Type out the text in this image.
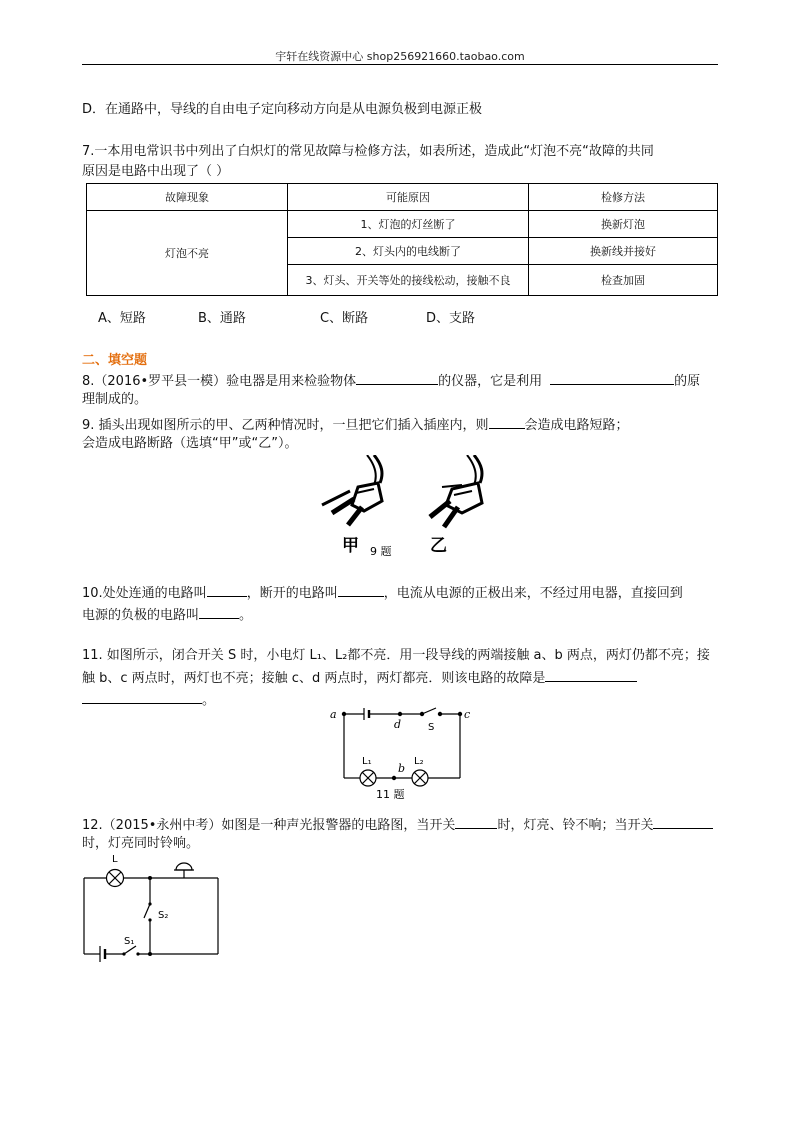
宇轩在线资源中心 shop256921660.taobao.com
D．在通路中，导线的自由电子定向移动方向是从电源负极到电源正极
7.一本用电常识书中列出了白炽灯的常见故障与检修方法，如表所述，造成此“灯泡不亮“故障的共同
原因是电路中出现了（ ）
故障现象	可能原因	检修方法
灯泡不亮	1、灯泡的灯丝断了	换新灯泡
	2、灯头内的电线断了	换新线并接好
	3、灯头、开关等处的接线松动，接触不良	检查加固
A、短路	B、通路	C、断路	D、支路
二、填空题
8.（2016•罗平县一模）验电器是用来检验物体	的仪器，它是利用	的原
理制成的。
9. 插头出现如图所示的甲、乙两种情况时，一旦把它们插入插座内，则	会造成电路短路；
会造成电路断路（选填“甲”或“乙”）。
甲	乙
9 题
10.处处连通的电路叫	，断开的电路叫	，电流从电源的正极出来，不经过用电器，直接回到
电源的负极的电路叫	。
11. 如图所示，闭合开关 S 时，小电灯 L₁、L₂都不亮．用一段导线的两端接触 a、b 两点，两灯仍都不亮；接
触 b、c 两点时，两灯也不亮；接触 c、d 两点时，两灯都亮．则该电路的故障是
。
a
d
c
b
S
L₁	L₂
11 题
12.（2015•永州中考）如图是一种声光报警器的电路图，当开关	时，灯亮、铃不响；当开关
时，灯亮同时铃响。
L
S₂
S₁
